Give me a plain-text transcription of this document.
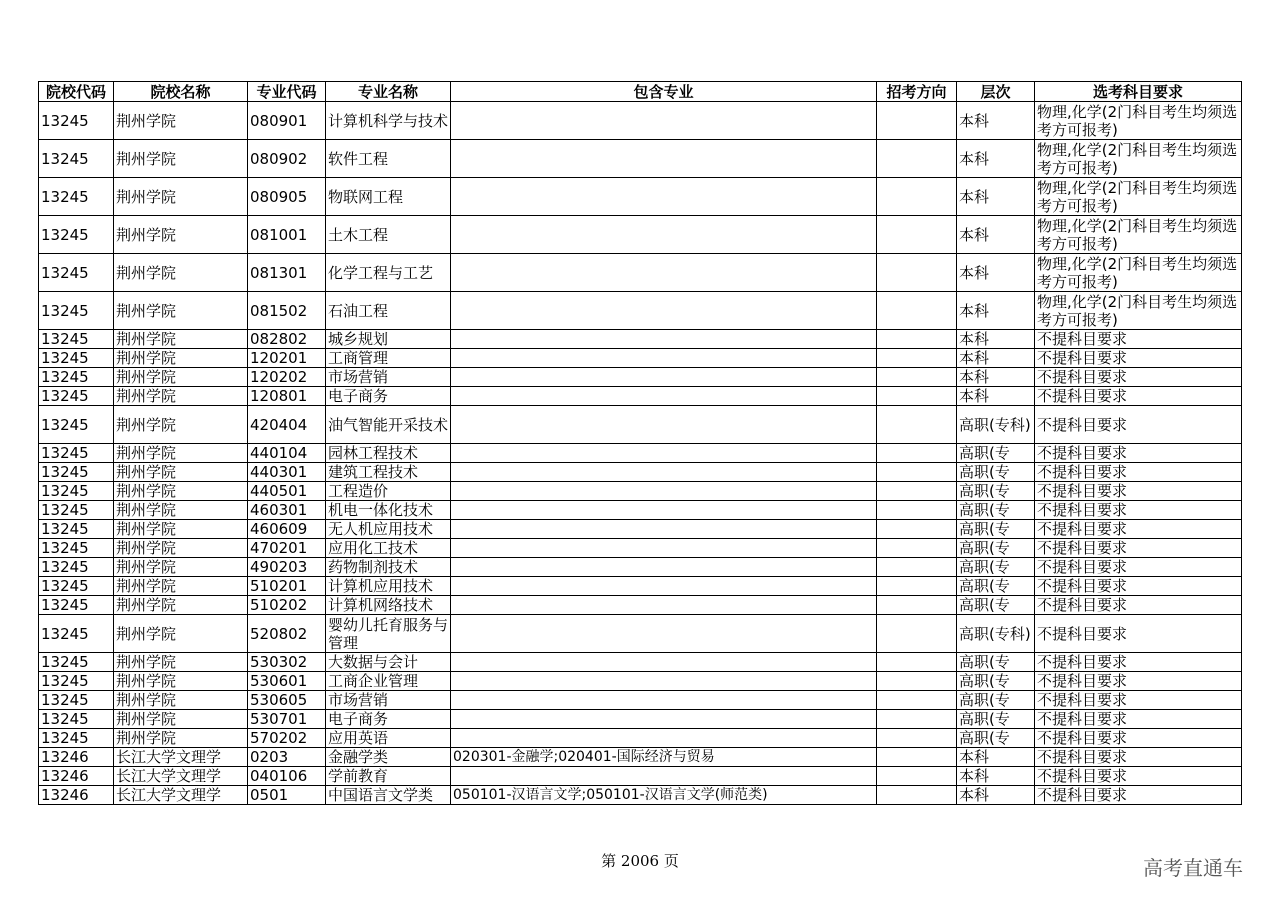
院校代码	院校名称	专业代码	专业名称	包含专业	招考方向	层次	选考科目要求
13245	荆州学院	080901	计算机科学与技术			本科	物理,化学(2门科目考生均须选考方可报考)
13245	荆州学院	080902	软件工程			本科	物理,化学(2门科目考生均须选考方可报考)
13245	荆州学院	080905	物联网工程			本科	物理,化学(2门科目考生均须选考方可报考)
13245	荆州学院	081001	土木工程			本科	物理,化学(2门科目考生均须选考方可报考)
13245	荆州学院	081301	化学工程与工艺			本科	物理,化学(2门科目考生均须选考方可报考)
13245	荆州学院	081502	石油工程			本科	物理,化学(2门科目考生均须选考方可报考)
13245	荆州学院	082802	城乡规划			本科	不提科目要求
13245	荆州学院	120201	工商管理			本科	不提科目要求
13245	荆州学院	120202	市场营销			本科	不提科目要求
13245	荆州学院	120801	电子商务			本科	不提科目要求
13245	荆州学院	420404	油气智能开采技术			高职(专科)	不提科目要求
13245	荆州学院	440104	园林工程技术			高职(专	不提科目要求
13245	荆州学院	440301	建筑工程技术			高职(专	不提科目要求
13245	荆州学院	440501	工程造价			高职(专	不提科目要求
13245	荆州学院	460301	机电一体化技术			高职(专	不提科目要求
13245	荆州学院	460609	无人机应用技术			高职(专	不提科目要求
13245	荆州学院	470201	应用化工技术			高职(专	不提科目要求
13245	荆州学院	490203	药物制剂技术			高职(专	不提科目要求
13245	荆州学院	510201	计算机应用技术			高职(专	不提科目要求
13245	荆州学院	510202	计算机网络技术			高职(专	不提科目要求
13245	荆州学院	520802	婴幼儿托育服务与管理			高职(专科)	不提科目要求
13245	荆州学院	530302	大数据与会计			高职(专	不提科目要求
13245	荆州学院	530601	工商企业管理			高职(专	不提科目要求
13245	荆州学院	530605	市场营销			高职(专	不提科目要求
13245	荆州学院	530701	电子商务			高职(专	不提科目要求
13245	荆州学院	570202	应用英语			高职(专	不提科目要求
13246	长江大学文理学	0203	金融学类	020301-金融学;020401-国际经济与贸易		本科	不提科目要求
13246	长江大学文理学	040106	学前教育			本科	不提科目要求
13246	长江大学文理学	0501	中国语言文学类	050101-汉语言文学;050101-汉语言文学(师范类)		本科	不提科目要求
第 2006 页	高考直通车
